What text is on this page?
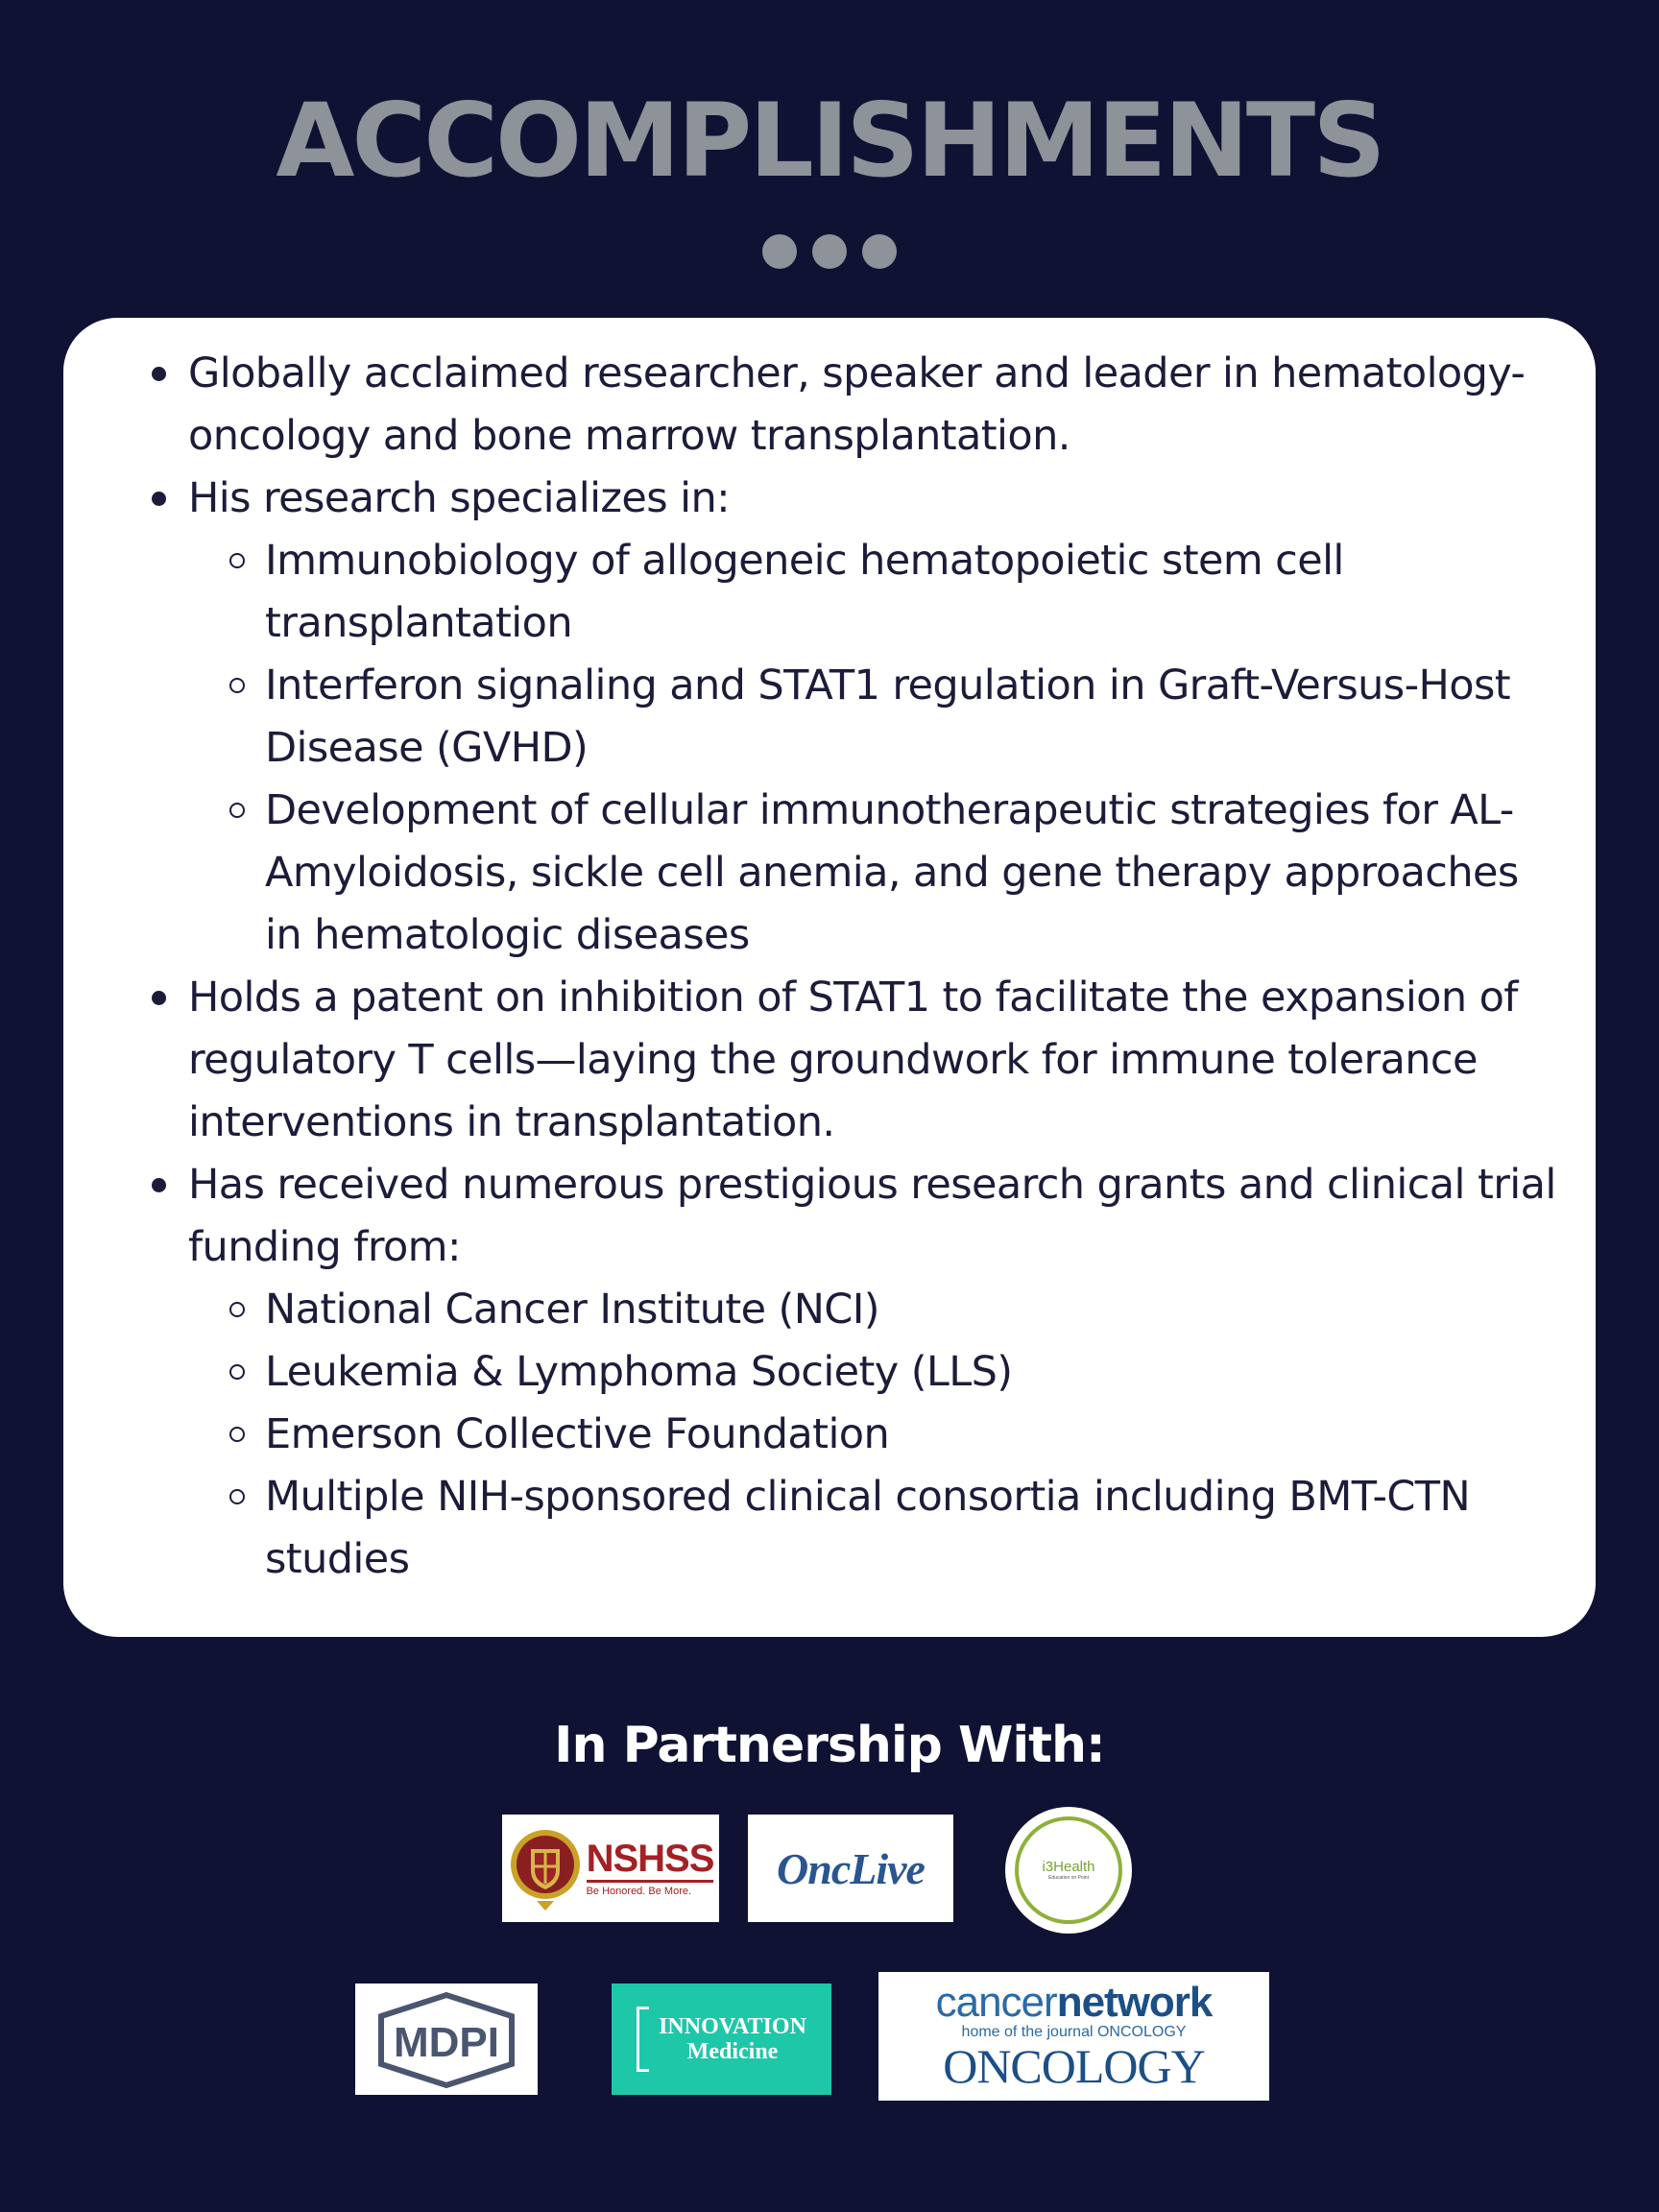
ACCOMPLISHMENTS
Globally acclaimed researcher, speaker and leader in hematology-oncology and bone marrow transplantation.
His research specializes in:
Immunobiology of allogeneic hematopoietic stem cell transplantation
Interferon signaling and STAT1 regulation in Graft-Versus-Host Disease (GVHD)
Development of cellular immunotherapeutic strategies for AL-Amyloidosis, sickle cell anemia, and gene therapy approaches in hematologic diseases
Holds a patent on inhibition of STAT1 to facilitate the expansion of regulatory T cells—laying the groundwork for immune tolerance interventions in transplantation.
Has received numerous prestigious research grants and clinical trial funding from:
National Cancer Institute (NCI)
Leukemia & Lymphoma Society (LLS)
Emerson Collective Foundation
Multiple NIH-sponsored clinical consortia including BMT-CTN studies
In Partnership With:
NSHSS
Be Honored. Be More.	OncLive	i3Health
Education on Point
MDPI	INNOVATION
Medicine
cancernetwork
home of the journal ONCOLOGY
ONCOLOGY
